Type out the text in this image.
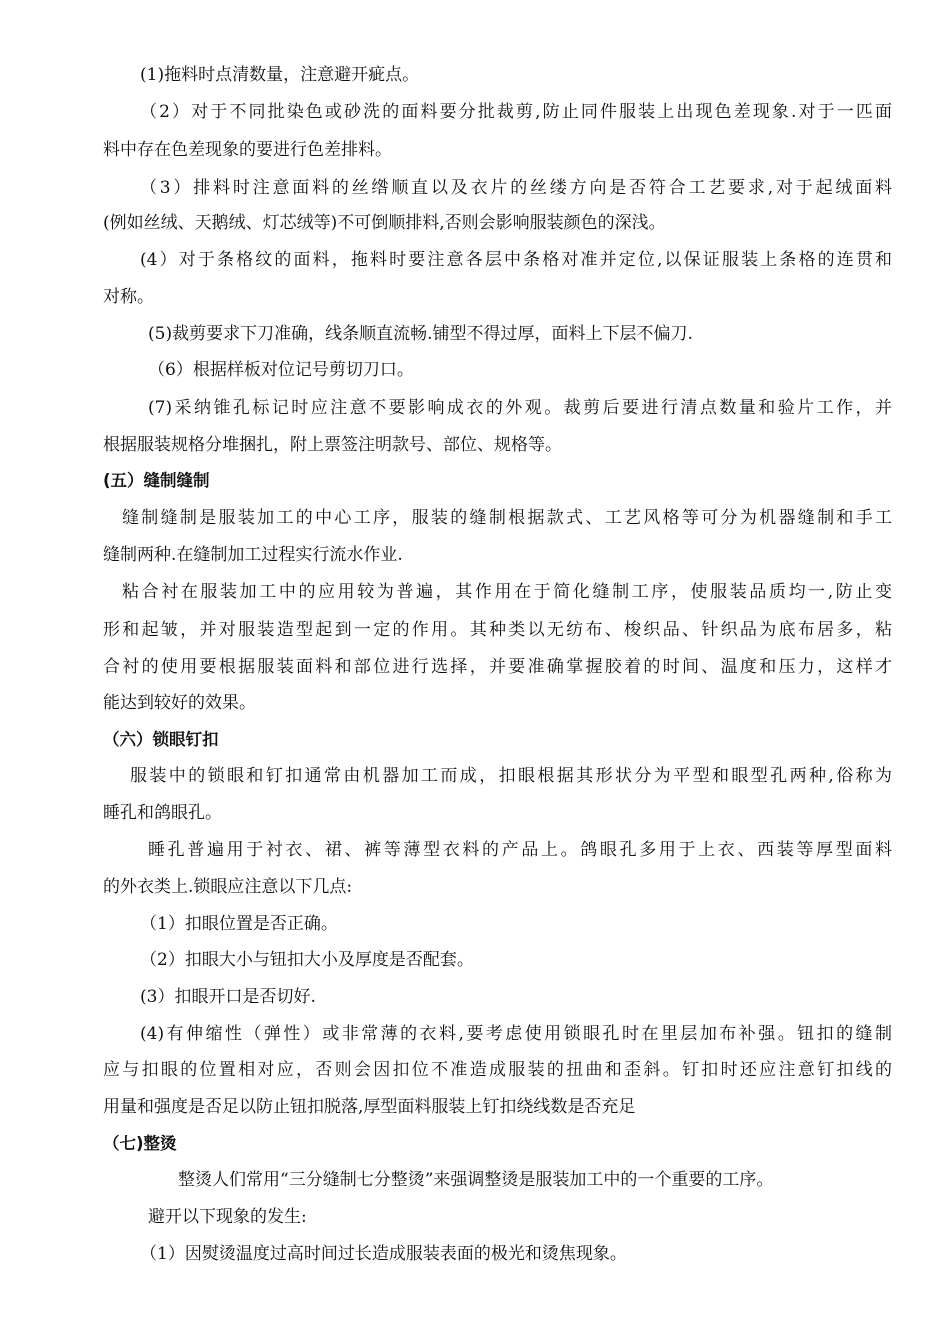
(1)拖料时点清数量，注意避开疵点。

（2）对于不同批染色或砂洗的面料要分批裁剪,防止同件服装上出现色差现象.对于一匹面

料中存在色差现象的要进行色差排料。

（3）排料时注意面料的丝绺顺直以及衣片的丝缕方向是否符合工艺要求,对于起绒面料

(例如丝绒、天鹅绒、灯芯绒等)不可倒顺排料,否则会影响服装颜色的深浅。

(4）对于条格纹的面料，拖料时要注意各层中条格对准并定位,以保证服装上条格的连贯和

对称。

(5)裁剪要求下刀准确，线条顺直流畅.铺型不得过厚，面料上下层不偏刀.

（6）根据样板对位记号剪切刀口。

(7)采纳锥孔标记时应注意不要影响成衣的外观。裁剪后要进行清点数量和验片工作，并

根据服装规格分堆捆扎，附上票签注明款号、部位、规格等。

(五）缝制缝制

缝制缝制是服装加工的中心工序，服装的缝制根据款式、工艺风格等可分为机器缝制和手工

缝制两种.在缝制加工过程实行流水作业.

粘合衬在服装加工中的应用较为普遍，其作用在于简化缝制工序，使服装品质均一,防止变

形和起皱，并对服装造型起到一定的作用。其种类以无纺布、梭织品、针织品为底布居多，粘

合衬的使用要根据服装面料和部位进行选择，并要准确掌握胶着的时间、温度和压力，这样才

能达到较好的效果。

（六）锁眼钉扣

服装中的锁眼和钉扣通常由机器加工而成，扣眼根据其形状分为平型和眼型孔两种,俗称为

睡孔和鸽眼孔。

睡孔普遍用于衬衣、裙、裤等薄型衣料的产品上。鸽眼孔多用于上衣、西装等厚型面料

的外衣类上.锁眼应注意以下几点:

（1）扣眼位置是否正确。

（2）扣眼大小与钮扣大小及厚度是否配套。

(3）扣眼开口是否切好.

(4)有伸缩性（弹性）或非常薄的衣料,要考虑使用锁眼孔时在里层加布补强。钮扣的缝制

应与扣眼的位置相对应，否则会因扣位不准造成服装的扭曲和歪斜。钉扣时还应注意钉扣线的

用量和强度是否足以防止钮扣脱落,厚型面料服装上钉扣绕线数是否充足

（七)整烫

整烫人们常用“三分缝制七分整烫”来强调整烫是服装加工中的一个重要的工序。

避开以下现象的发生:

（1）因熨烫温度过高时间过长造成服装表面的极光和烫焦现象。
